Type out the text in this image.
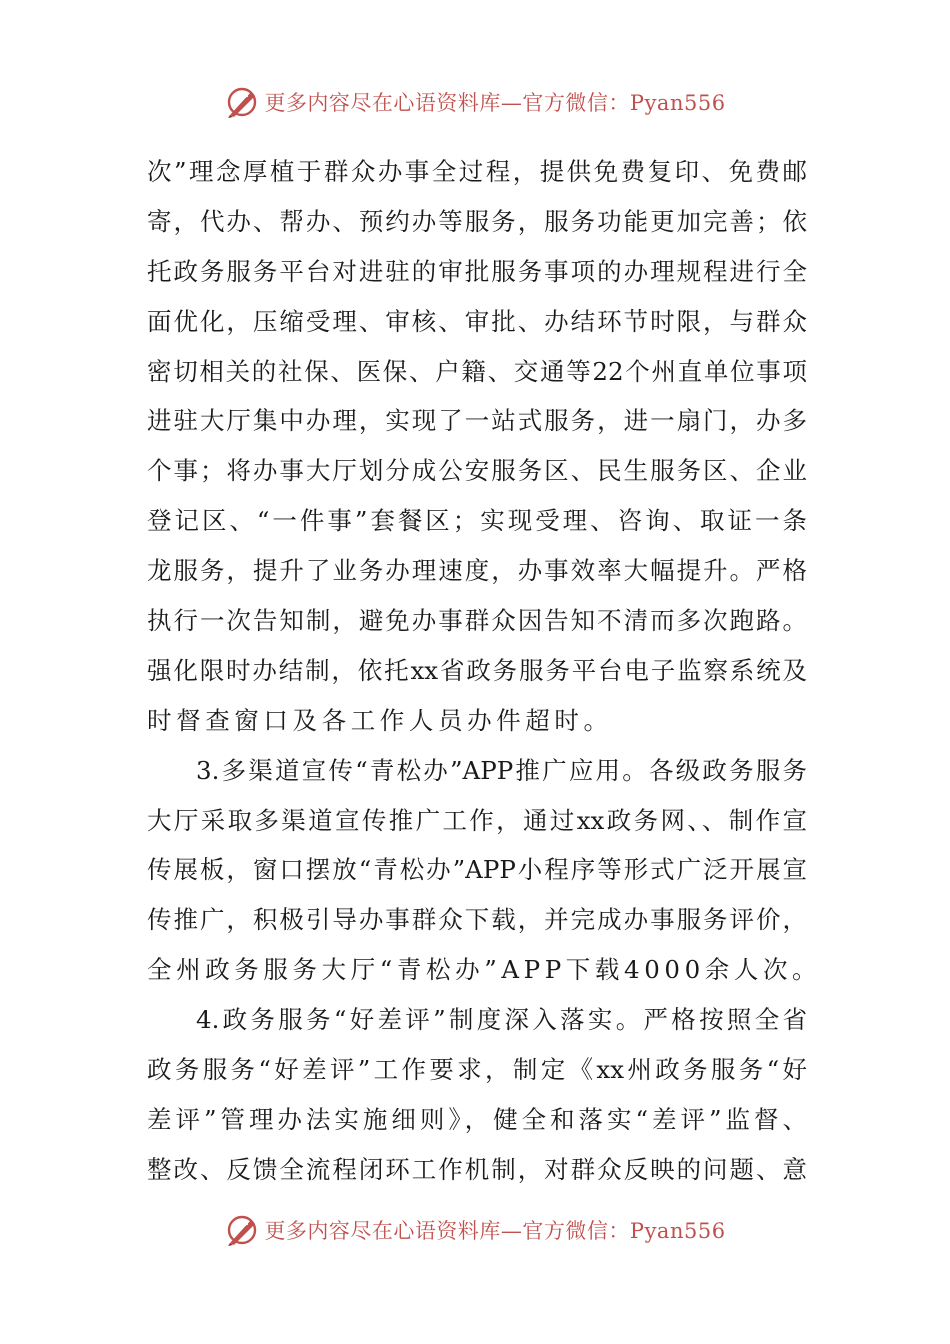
更多内容尽在心语资料库—官方微信：Pyan556
次”理念厚植于群众办事全过程，提供免费复印、免费邮
寄，代办、帮办、预约办等服务，服务功能更加完善；依
托政务服务平台对进驻的审批服务事项的办理规程进行全
面优化，压缩受理、审核、审批、办结环节时限，与群众
密切相关的社保、医保、户籍、交通等22个州直单位事项
进驻大厅集中办理，实现了一站式服务，进一扇门，办多
个事；将办事大厅划分成公安服务区、民生服务区、企业
登记区、“一件事”套餐区；实现受理、咨询、取证一条
龙服务，提升了业务办理速度，办事效率大幅提升。严格
执行一次告知制，避免办事群众因告知不清而多次跑路。
强化限时办结制，依托xx省政务服务平台电子监察系统及
时督查窗口及各工作人员办件超时。
3.多渠道宣传“青松办”APP推广应用。各级政务服务
大厅采取多渠道宣传推广工作，通过xx政务网、、制作宣
传展板，窗口摆放“青松办”APP小程序等形式广泛开展宣
传推广，积极引导办事群众下载，并完成办事服务评价，
全州政务服务大厅“青松办”APP下载4000余人次。
4.政务服务“好差评”制度深入落实。严格按照全省
政务服务“好差评”工作要求，制定《xx州政务服务“好
差评”管理办法实施细则》，健全和落实“差评”监督、
整改、反馈全流程闭环工作机制，对群众反映的问题、意
更多内容尽在心语资料库—官方微信：Pyan556
